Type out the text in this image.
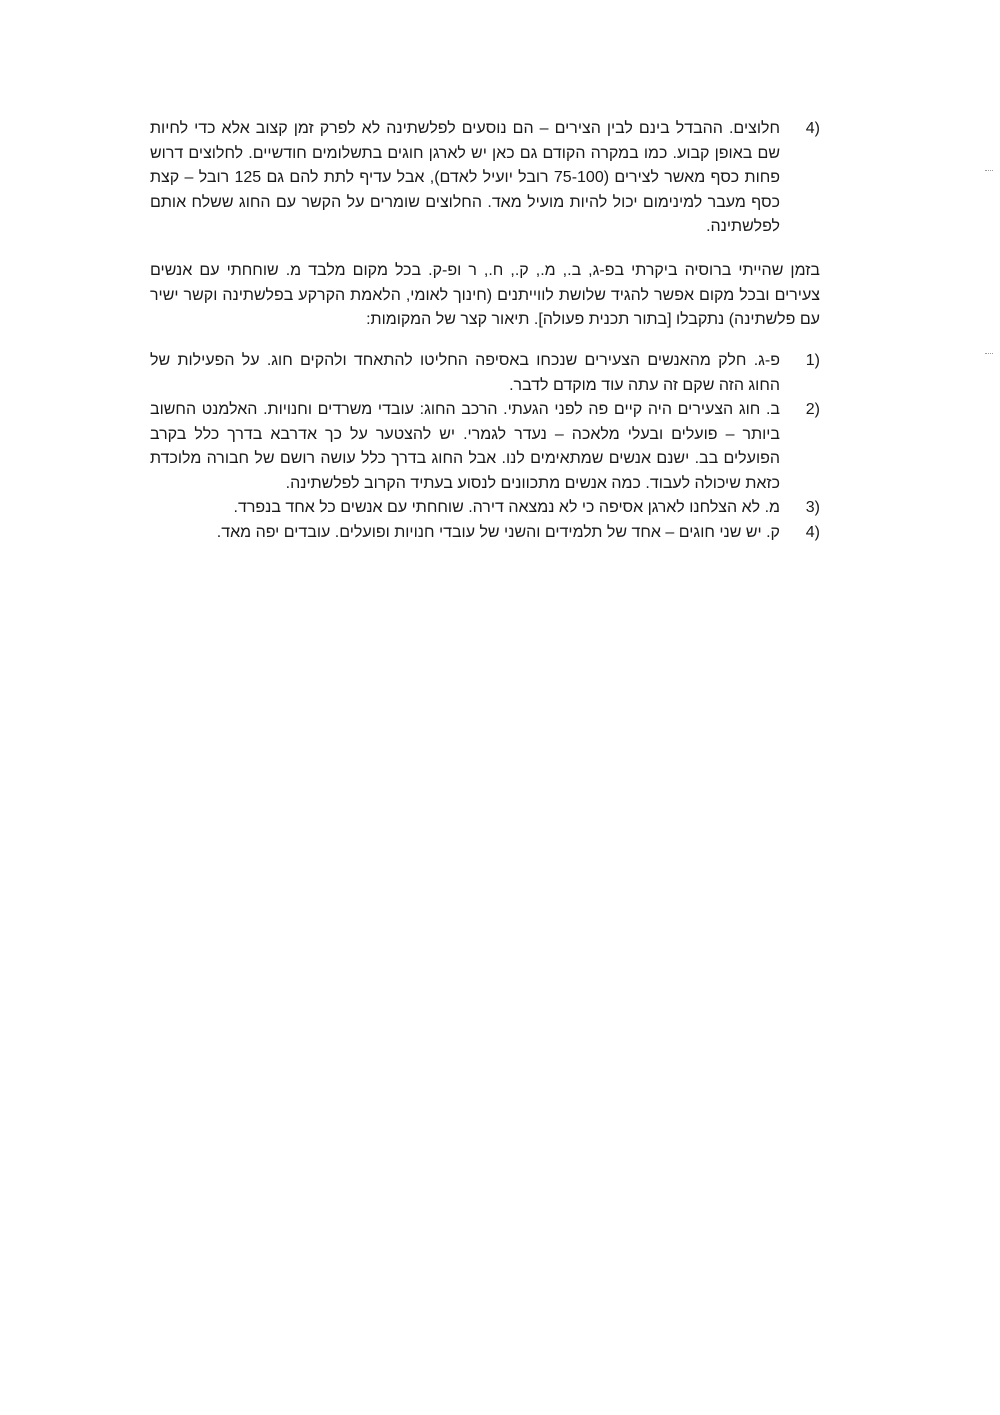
4)
חלוצים. ההבדל בינם לבין הצירים – הם נוסעים לפלשתינה לא לפרק זמן קצוב אלא כדי לחיות שם באופן קבוע. כמו במקרה הקודם גם כאן יש לארגן חוגים בתשלומים חודשיים. לחלוצים דרוש פחות כסף מאשר לצירים (75-100 רובל יועיל לאדם), אבל עדיף לתת להם גם 125 רובל – קצת כסף מעבר למינימום יכול להיות מועיל מאד. החלוצים שומרים על הקשר עם החוג ששלח אותם לפלשתינה.
בזמן שהייתי ברוסיה ביקרתי בפ-ג, ב., מ., ק., ח., ר ופ-ק. בכל מקום מלבד מ. שוחחתי עם אנשים צעירים ובכל מקום אפשר להגיד שלושת לווייתנים (חינוך לאומי, הלאמת הקרקע בפלשתינה וקשר ישיר עם פלשתינה) נתקבלו [בתור תכנית פעולה]. תיאור קצר של המקומות:
1)
פ-ג. חלק מהאנשים הצעירים שנכחו באסיפה החליטו להתאחד ולהקים חוג. על הפעילות של החוג הזה שקם זה עתה עוד מוקדם לדבר.
2)
ב. חוג הצעירים היה קיים פה לפני הגעתי. הרכב החוג: עובדי משרדים וחנויות. האלמנט החשוב ביותר – פועלים ובעלי מלאכה – נעדר לגמרי. יש להצטער על כך אדרבא בדרך כלל בקרב הפועלים בב. ישנם אנשים שמתאימים לנו. אבל החוג בדרך כלל עושה רושם של חבורה מלוכדת כזאת שיכולה לעבוד. כמה אנשים מתכוונים לנסוע בעתיד הקרוב לפלשתינה.
3)
מ. לא הצלחנו לארגן אסיפה כי לא נמצאה דירה. שוחחתי עם אנשים כל אחד בנפרד.
4)
ק. יש שני חוגים – אחד של תלמידים והשני של עובדי חנויות ופועלים. עובדים יפה מאד.
